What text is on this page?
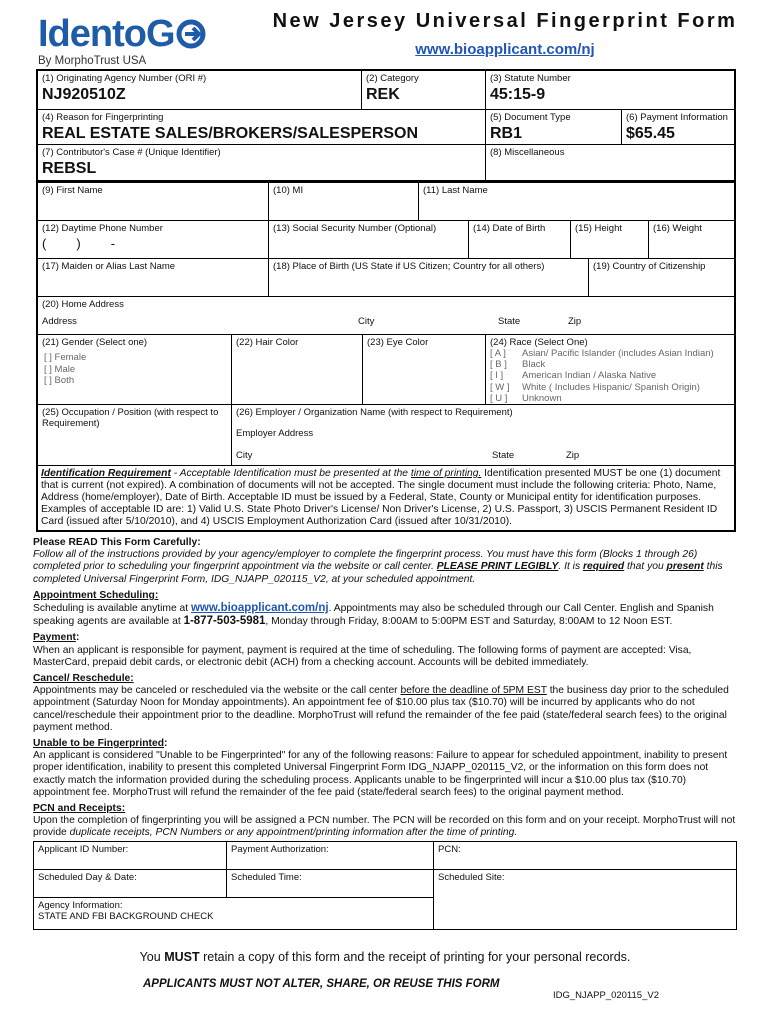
IdentoG
By MorphoTrust USA
New Jersey Universal Fingerprint Form
www.bioapplicant.com/nj
(1) Originating Agency Number (ORI #)
NJ920510Z
(2) Category
REK
(3) Statute Number
45:15-9
(4) Reason for Fingerprinting
REAL ESTATE SALES/BROKERS/SALESPERSON
(5) Document Type
RB1
(6) Payment Information
$65.45
(7) Contributor's Case # (Unique Identifier)
REBSL
(8) Miscellaneous
(9) First Name	(10) MI	(11) Last Name
(12) Daytime Phone Number
( ) -
(13) Social Security Number (Optional)	(14) Date of Birth	(15) Height	(16) Weight
(17) Maiden or Alias Last Name	(18) Place of Birth (US State if US Citizen; Country for all others)	(19) Country of Citizenship
(20) Home Address
Address	City	State	Zip
(21) Gender (Select one)
[ ] Female
[ ] Male
[ ] Both
(22) Hair Color	(23) Eye Color	(24) Race (Select One)
[ A ] Asian/ Pacific Islander (includes Asian Indian)
[ B ] Black
[ I ] American Indian / Alaska Native
[ W ] White ( Includes Hispanic/ Spanish Origin)
[ U ] Unknown
(25) Occupation / Position (with respect to Requirement)
(26) Employer / Organization Name (with respect to Requirement)
Employer Address
City	State	Zip
Identification Requirement - Acceptable Identification must be presented at the time of printing. Identification presented MUST be one (1) document that is current (not expired). A combination of documents will not be accepted. The single document must include the following criteria: Photo, Name, Address (home/employer), Date of Birth. Acceptable ID must be issued by a Federal, State, County or Municipal entity for identification purposes. Examples of acceptable ID are: 1) Valid U.S. State Photo Driver's License/ Non Driver's License, 2) U.S. Passport, 3) USCIS Permanent Resident ID Card (issued after 5/10/2010), and 4) USCIS Employment Authorization Card (issued after 10/31/2010).
Please READ This Form Carefully:
Follow all of the instructions provided by your agency/employer to complete the fingerprint process. You must have this form (Blocks 1 through 26) completed prior to scheduling your fingerprint appointment via the website or call center. PLEASE PRINT LEGIBLY. It is required that you present this completed Universal Fingerprint Form, IDG_NJAPP_020115_V2, at your scheduled appointment.
Appointment Scheduling:
Scheduling is available anytime at www.bioapplicant.com/nj. Appointments may also be scheduled through our Call Center. English and Spanish speaking agents are available at 1-877-503-5981, Monday through Friday, 8:00AM to 5:00PM EST and Saturday, 8:00AM to 12 Noon EST.
Payment:
When an applicant is responsible for payment, payment is required at the time of scheduling. The following forms of payment are accepted: Visa, MasterCard, prepaid debit cards, or electronic debit (ACH) from a checking account. Accounts will be debited immediately.
Cancel/ Reschedule:
Appointments may be canceled or rescheduled via the website or the call center before the deadline of 5PM EST the business day prior to the scheduled appointment (Saturday Noon for Monday appointments). An appointment fee of $10.00 plus tax ($10.70) will be incurred by applicants who do not cancel/reschedule their appointment prior to the deadline. MorphoTrust will refund the remainder of the fee paid (state/federal search fees) to the original payment method.
Unable to be Fingerprinted:
An applicant is considered "Unable to be Fingerprinted" for any of the following reasons: Failure to appear for scheduled appointment, inability to present proper identification, inability to present this completed Universal Fingerprint Form IDG_NJAPP_020115_V2, or the information on this form does not exactly match the information provided during the scheduling process. Applicants unable to be fingerprinted will incur a $10.00 plus tax ($10.70) appointment fee. MorphoTrust will refund the remainder of the fee paid (state/federal search fees) to the original payment method.
PCN and Receipts:
Upon the completion of fingerprinting you will be assigned a PCN number. The PCN will be recorded on this form and on your receipt. MorphoTrust will not provide duplicate receipts, PCN Numbers or any appointment/printing information after the time of printing.
Applicant ID Number:	Payment Authorization:	PCN:
Scheduled Day & Date:	Scheduled Time:	Scheduled Site:

Agency Information:
STATE AND FBI BACKGROUND CHECK		
You MUST retain a copy of this form and the receipt of printing for your personal records.
APPLICANTS MUST NOT ALTER, SHARE, OR REUSE THIS FORM
IDG_NJAPP_020115_V2
